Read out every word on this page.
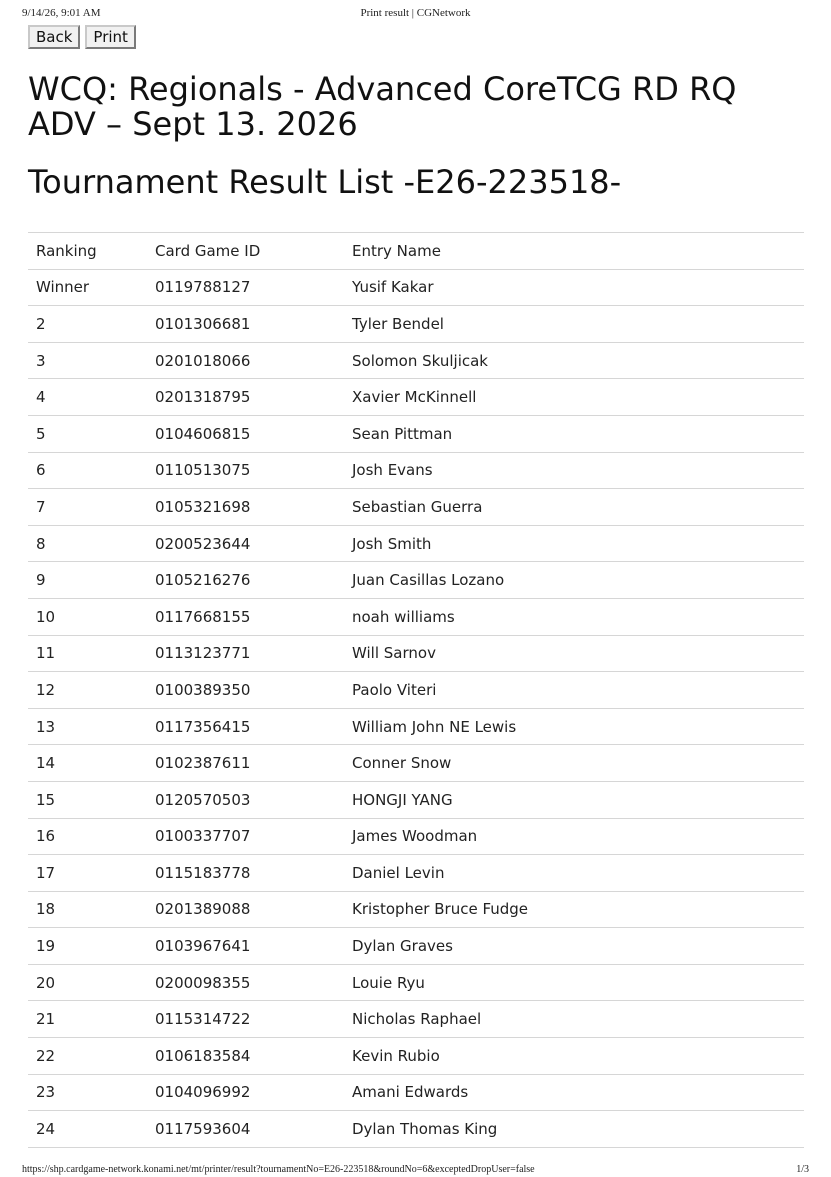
9/14/26, 9:01 AM	Print result | CGNetwork
Back	Print
WCQ: Regionals - Advanced CoreTCG RD RQ ADV – Sept 13. 2026
Tournament Result List -E26-223518-
Ranking	Card Game ID	Entry Name
Winner	0119788127	Yusif Kakar
2	0101306681	Tyler Bendel
3	0201018066	Solomon Skuljicak
4	0201318795	Xavier McKinnell
5	0104606815	Sean Pittman
6	0110513075	Josh Evans
7	0105321698	Sebastian Guerra
8	0200523644	Josh Smith
9	0105216276	Juan Casillas Lozano
10	0117668155	noah williams
11	0113123771	Will Sarnov
12	0100389350	Paolo Viteri
13	0117356415	William John NE Lewis
14	0102387611	Conner Snow
15	0120570503	HONGJI YANG
16	0100337707	James Woodman
17	0115183778	Daniel Levin
18	0201389088	Kristopher Bruce Fudge
19	0103967641	Dylan Graves
20	0200098355	Louie Ryu
21	0115314722	Nicholas Raphael
22	0106183584	Kevin Rubio
23	0104096992	Amani Edwards
24	0117593604	Dylan Thomas King
https://shp.cardgame-network.konami.net/mt/printer/result?tournamentNo=E26-223518&roundNo=6&exceptedDropUser=false	1/3
